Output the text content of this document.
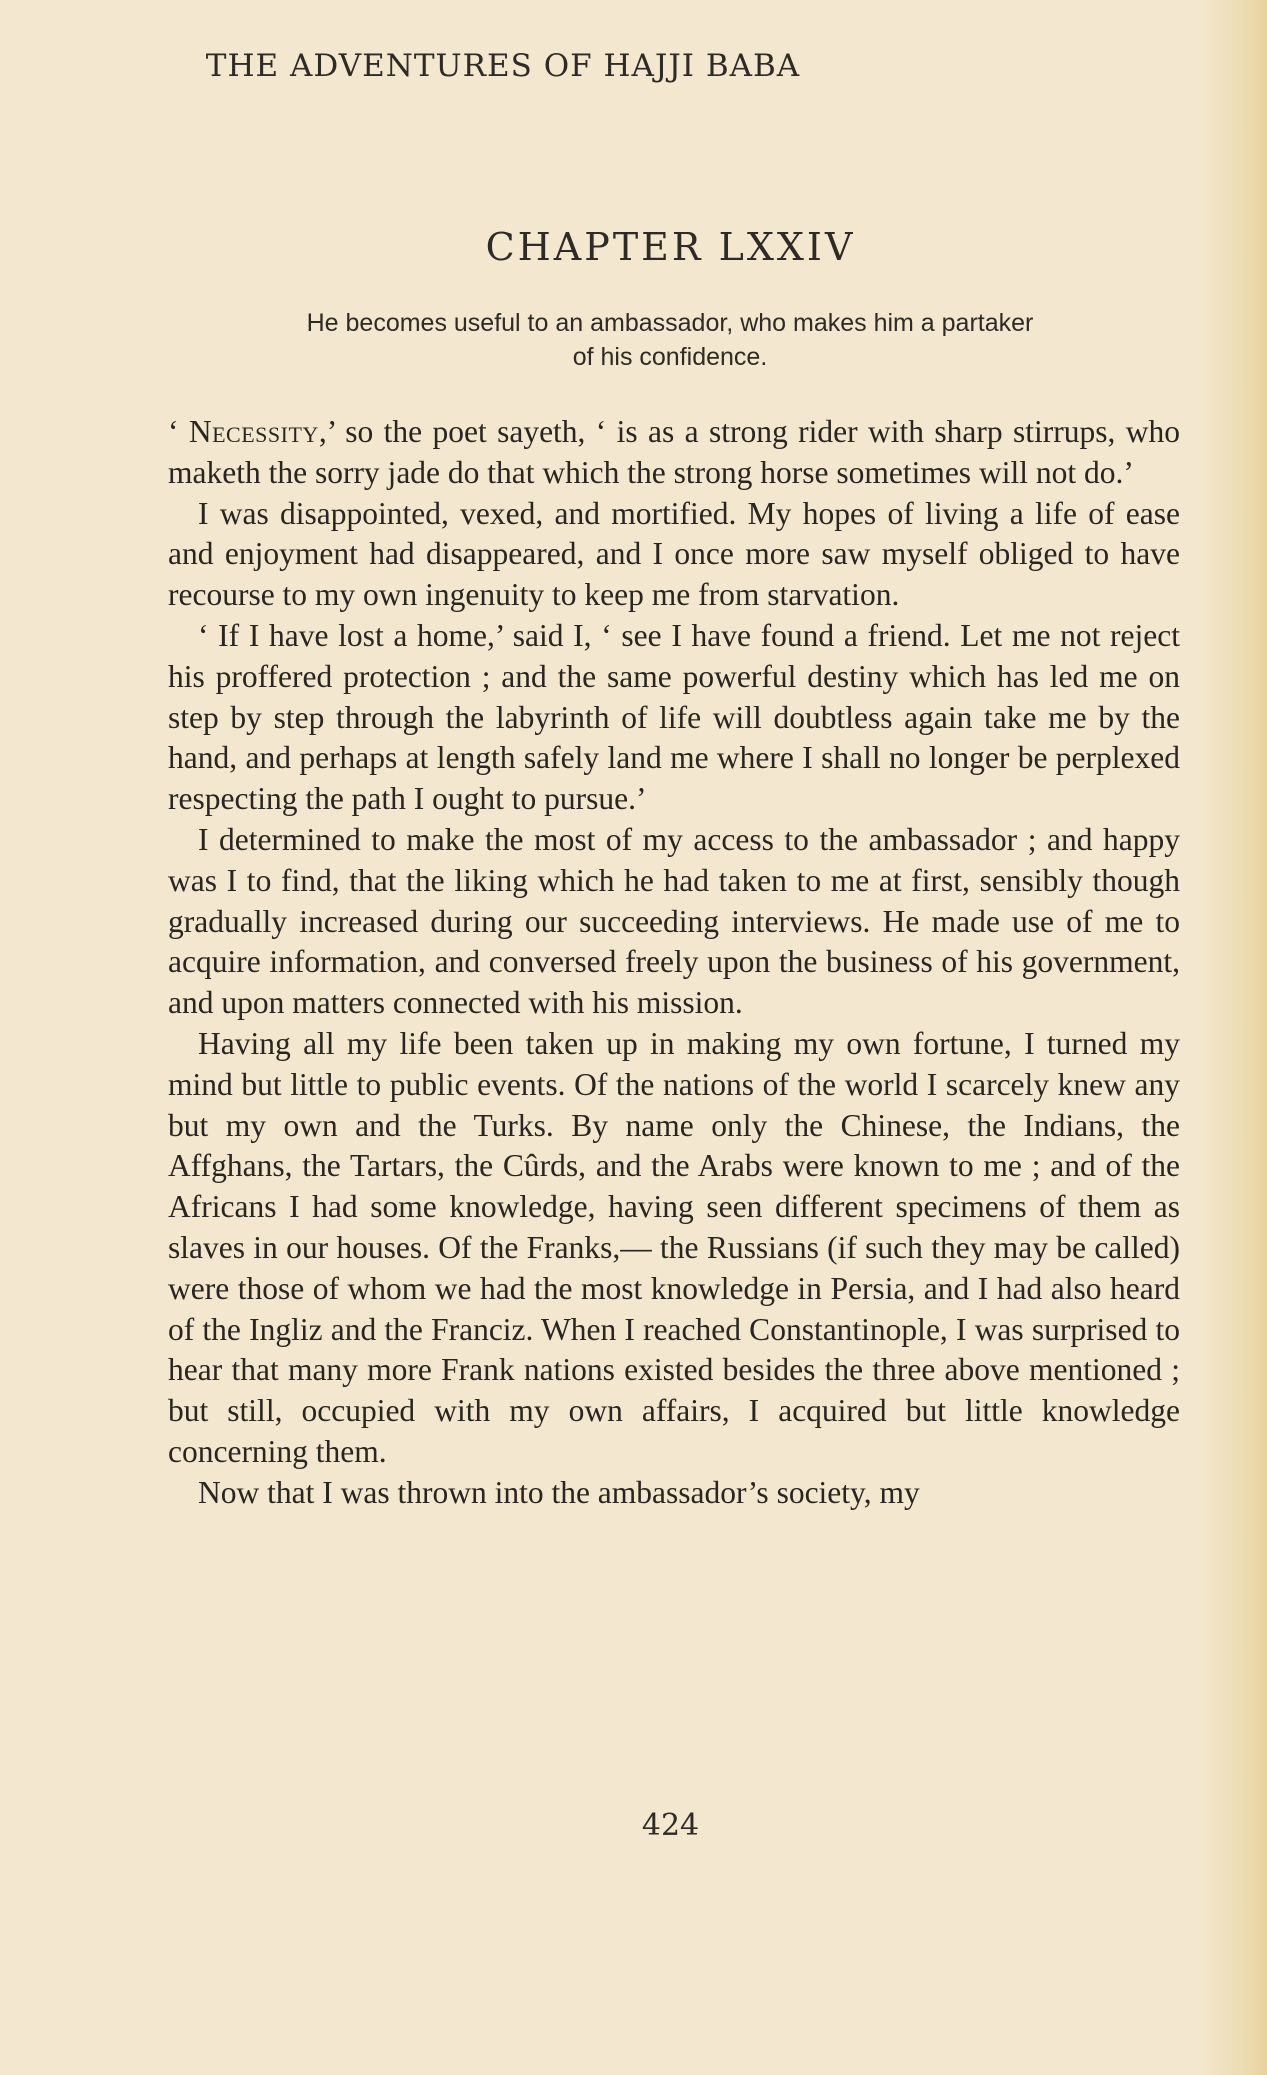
THE ADVENTURES OF HAJJI BABA
CHAPTER LXXIV
He becomes useful to an ambassador, who makes him a partaker
of his confidence.

‘ Necessity,’ so the poet sayeth, ‘ is as a strong rider with sharp stirrups, who maketh the sorry jade do that which the strong horse sometimes will not do.’

I was disappointed, vexed, and mortified. My hopes of living a life of ease and enjoyment had disappeared, and I once more saw myself obliged to have recourse to my own ingenuity to keep me from starvation.

‘ If I have lost a home,’ said I, ‘ see I have found a friend. Let me not reject his proffered protection ; and the same powerful destiny which has led me on step by step through the labyrinth of life will doubtless again take me by the hand, and perhaps at length safely land me where I shall no longer be perplexed respecting the path I ought to pursue.’

I determined to make the most of my access to the ambassador ; and happy was I to find, that the liking which he had taken to me at first, sensibly though gradually increased during our succeeding interviews. He made use of me to acquire information, and conversed freely upon the business of his government, and upon matters connected with his mission.

Having all my life been taken up in making my own fortune, I turned my mind but little to public events. Of the nations of the world I scarcely knew any but my own and the Turks. By name only the Chinese, the Indians, the Affghans, the Tartars, the Cûrds, and the Arabs were known to me ; and of the Africans I had some knowledge, having seen different specimens of them as slaves in our houses. Of the Franks,— the Russians (if such they may be called) were those of whom we had the most knowledge in Persia, and I had also heard of the Ingliz and the Franciz. When I reached Constantinople, I was surprised to hear that many more Frank nations existed besides the three above mentioned ; but still, occupied with my own affairs, I acquired but little knowledge concerning them.

Now that I was thrown into the ambassador’s society, my

424
